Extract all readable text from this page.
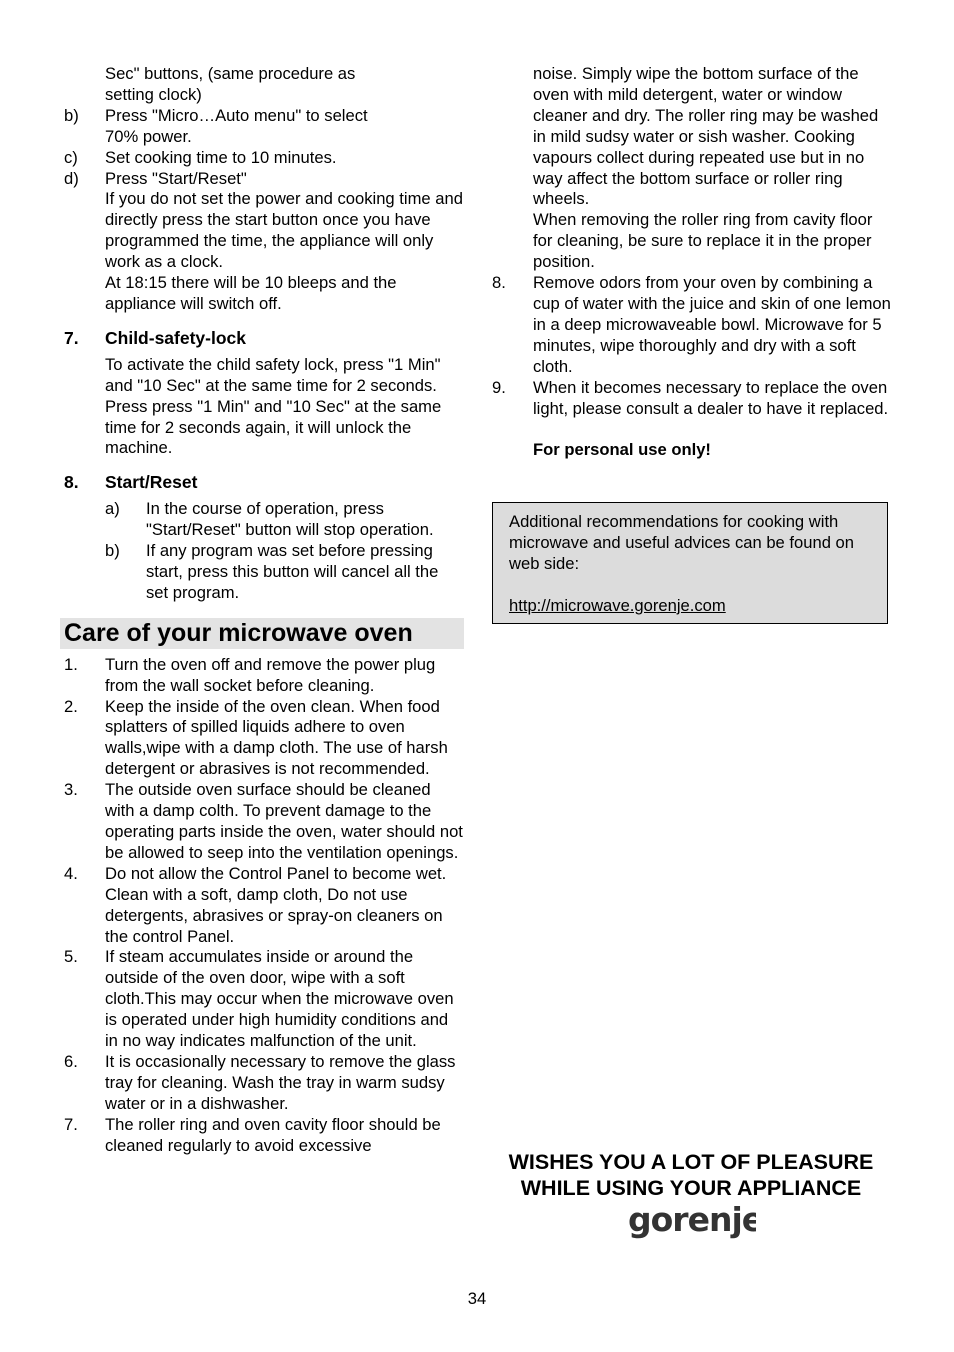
Sec" buttons, (same procedure as setting clock)
b)	Press "Micro…Auto menu" to select 70% power.
c)	Set cooking time to 10 minutes.
d)	Press "Start/Reset"
If you do not set the power and cooking time and directly press the start button once you have programmed the time, the appliance will only work as a clock.
At 18:15 there will be 10 bleeps and the appliance will switch off.
7.	Child-safety-lock
To activate the child safety lock, press "1 Min" and "10 Sec" at the same time for 2 seconds.
Press press "1 Min" and "10 Sec" at the same time for 2 seconds again, it will unlock the machine.
8.	Start/Reset
a)	In the course of operation, press "Start/Reset" button will stop operation.
b)	If any program was set before pressing start, press this button will cancel all the set program.
Care of your microwave oven
1.	Turn the oven off and remove the power plug from the wall socket before cleaning.
2.	Keep the inside of the oven clean. When food splatters of spilled liquids adhere to oven walls,wipe with a damp cloth. The use of harsh detergent or abrasives is not recommended.
3.	The outside oven surface should be cleaned with a damp colth. To prevent damage to the operating parts inside the oven, water should not be allowed to seep into the ventilation openings.
4.	Do not allow the Control Panel to become wet. Clean with a soft, damp cloth, Do not use detergents, abrasives or spray-on cleaners on the control Panel.
5.	If steam accumulates inside or around the outside of the oven door, wipe with a soft cloth.This may occur when the microwave oven is operated under high humidity conditions and in no way indicates malfunction of the unit.
6.	It is occasionally necessary to remove the glass tray for cleaning. Wash the tray in warm sudsy water or in a dishwasher.
7.	The roller ring and oven cavity floor should be cleaned regularly to avoid excessive
noise. Simply wipe the bottom surface of the oven with mild detergent, water or window cleaner and dry. The roller ring may be washed in mild sudsy water or sish washer. Cooking vapours collect during repeated use but in no way affect the bottom surface or roller ring wheels.
When removing the roller ring from cavity floor for cleaning, be sure to replace it in the proper position.
8.	Remove odors from your oven by combining a cup of water with the juice and skin of one lemon in a deep microwaveable bowl. Microwave for 5 minutes, wipe thoroughly and dry with a soft cloth.
9.	When it becomes necessary to replace the oven light, please consult a dealer to have it replaced.
For personal use only!
Additional recommendations for cooking with microwave and useful advices can be found on web side:
http://microwave.gorenje.com
WISHES YOU A LOT OF PLEASURE
WHILE USING YOUR APPLIANCE
gorenje
34
